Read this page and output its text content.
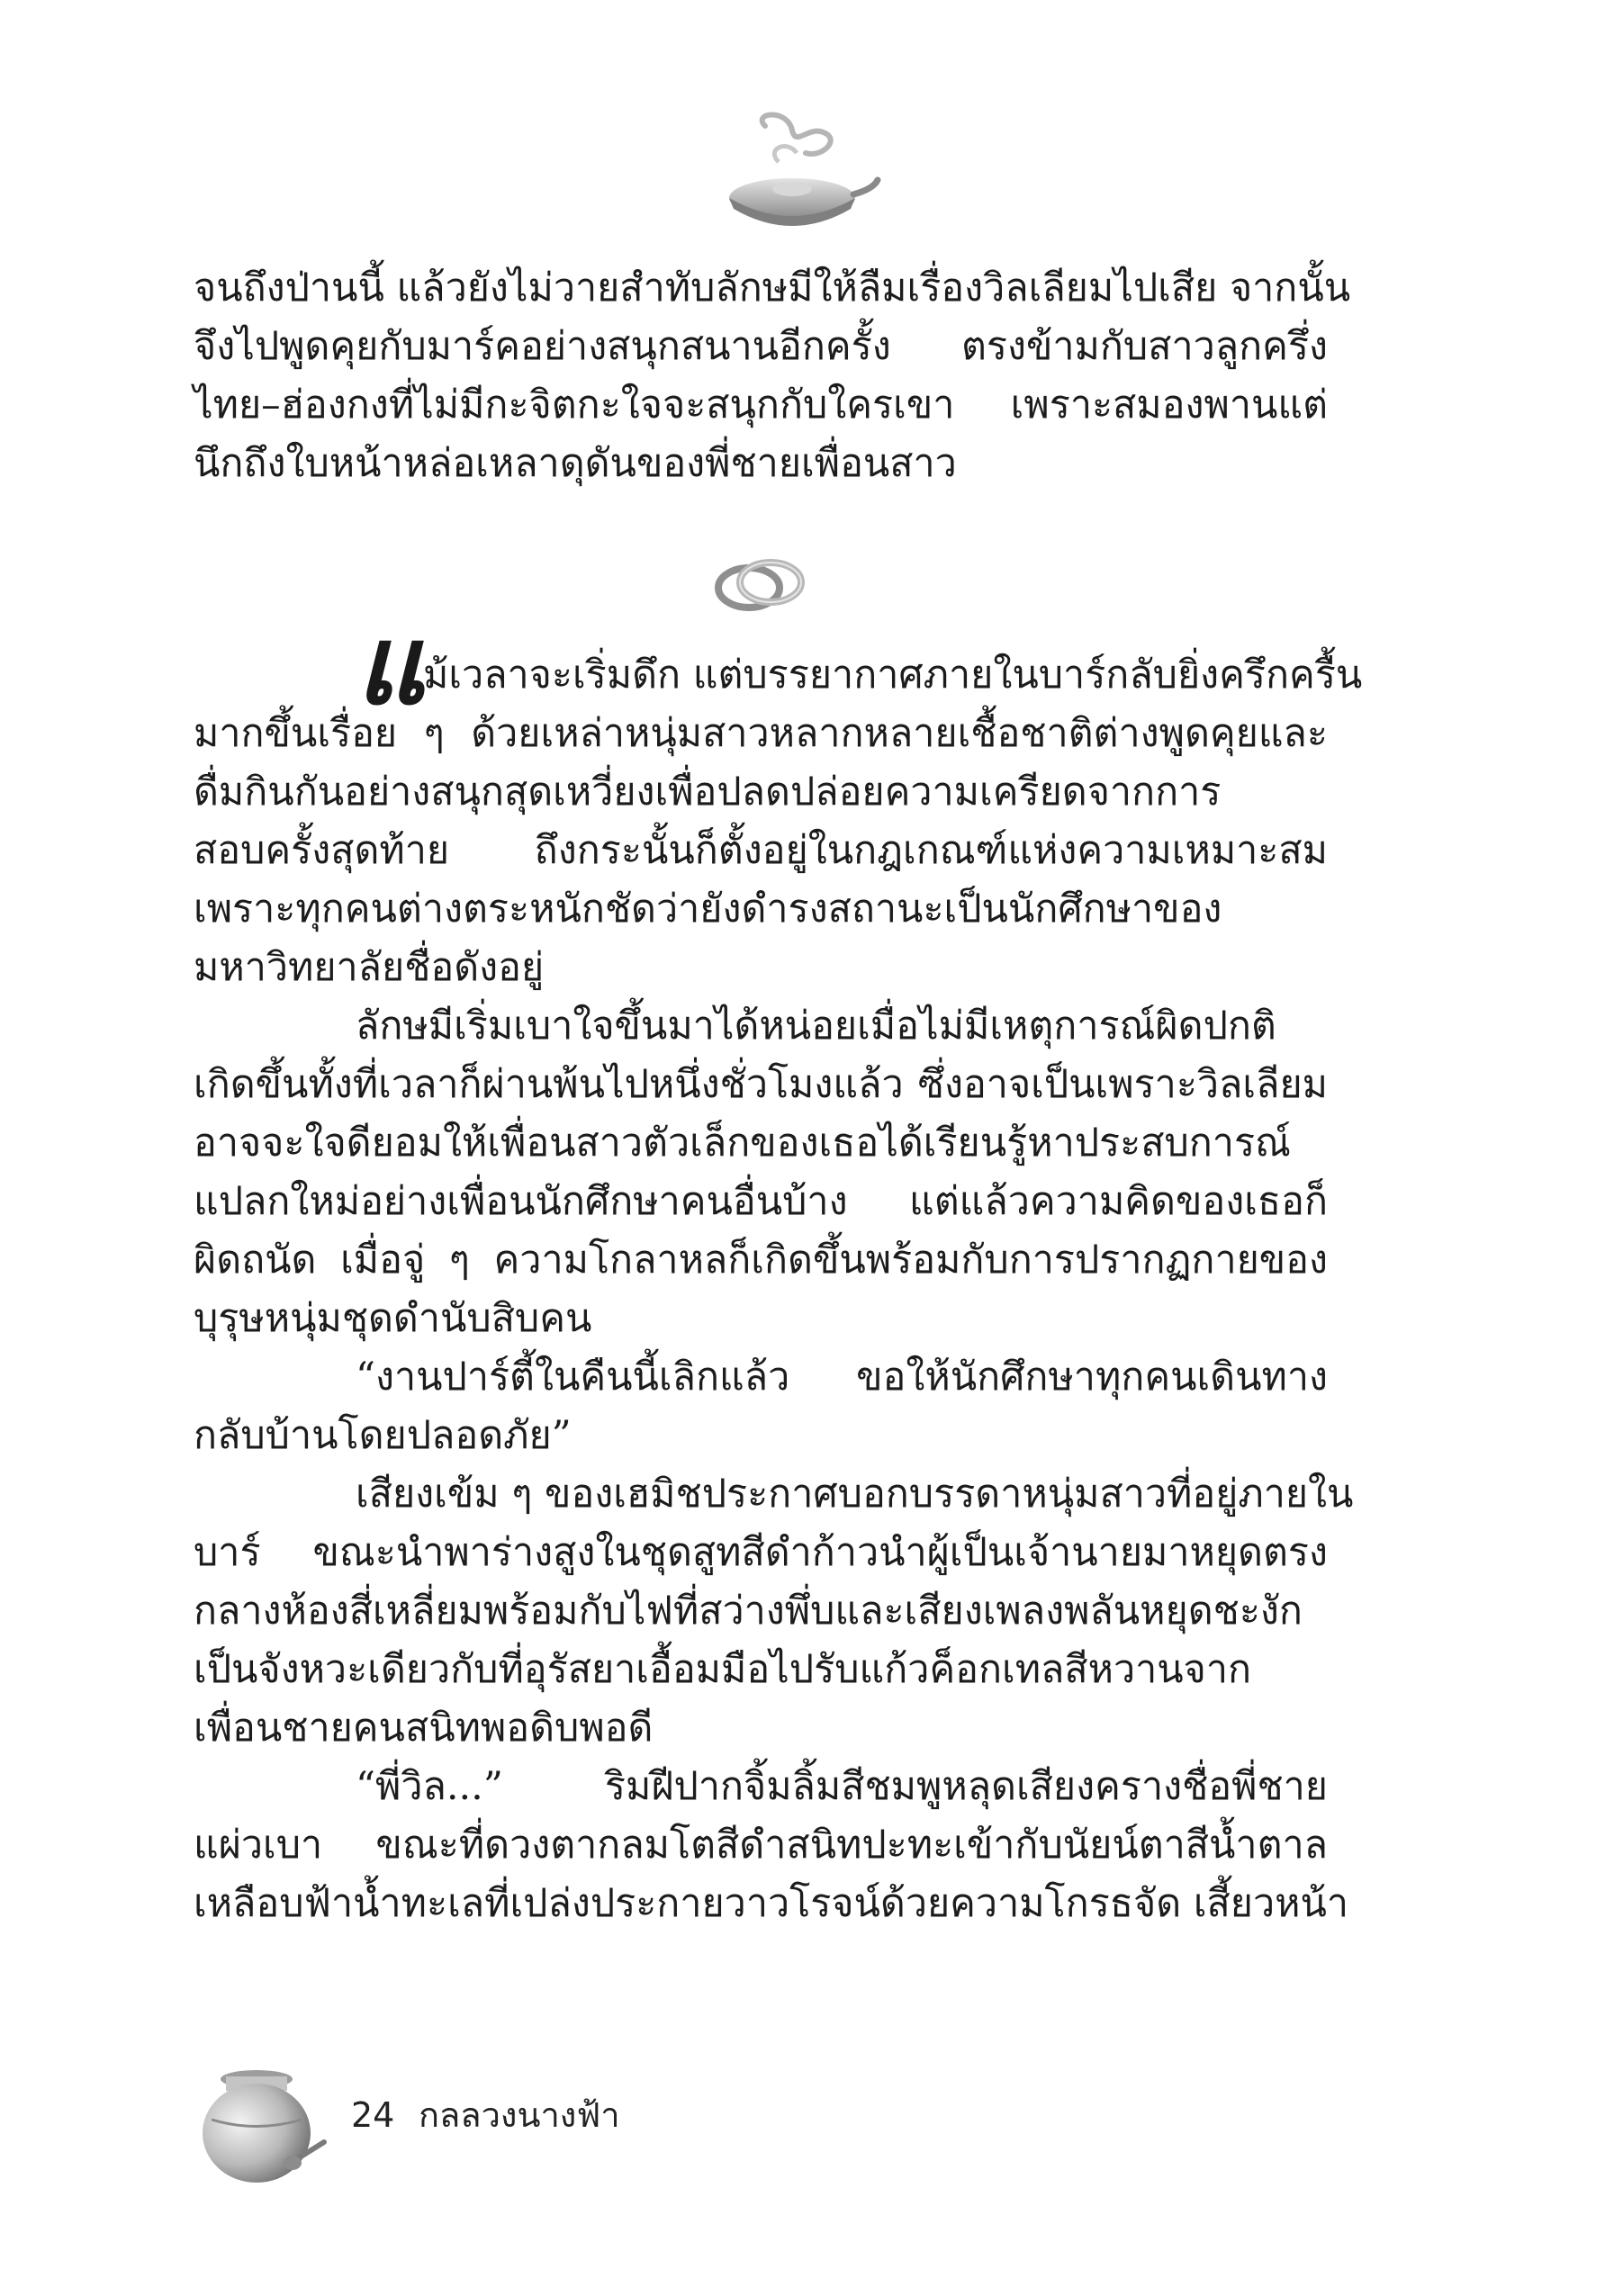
จนถึงป่านนี้ แล้วยังไม่วายสำทับลักษมีให้ลืมเรื่องวิลเลียมไปเสีย จากนั้น
จึงไปพูดคุยกับมาร์คอย่างสนุกสนานอีกครั้ง ตรงข้ามกับสาวลูกครึ่ง
ไทย–ฮ่องกงที่ไม่มีกะจิตกะใจจะสนุกกับใครเขา เพราะสมองพานแต่
นึกถึงใบหน้าหล่อเหลาดุดันของพี่ชายเพื่อนสาว
แ ม้เวลาจะเริ่มดึก แต่บรรยากาศภายในบาร์กลับยิ่งครึกครื้น
มากขึ้นเรื่อย ๆ ด้วยเหล่าหนุ่มสาวหลากหลายเชื้อชาติต่างพูดคุยและ
ดื่มกินกันอย่างสนุกสุดเหวี่ยงเพื่อปลดปล่อยความเครียดจากการ
สอบครั้งสุดท้าย ถึงกระนั้นก็ตั้งอยู่ในกฎเกณฑ์แห่งความเหมาะสม
เพราะทุกคนต่างตระหนักชัดว่ายังดำรงสถานะเป็นนักศึกษาของ
มหาวิทยาลัยชื่อดังอยู่
ลักษมีเริ่มเบาใจขึ้นมาได้หน่อยเมื่อไม่มีเหตุการณ์ผิดปกติ
เกิดขึ้นทั้งที่เวลาก็ผ่านพ้นไปหนึ่งชั่วโมงแล้ว ซึ่งอาจเป็นเพราะวิลเลียม
อาจจะใจดียอมให้เพื่อนสาวตัวเล็กของเธอได้เรียนรู้หาประสบการณ์
แปลกใหม่อย่างเพื่อนนักศึกษาคนอื่นบ้าง แต่แล้วความคิดของเธอก็
ผิดถนัด เมื่อจู่ ๆ ความโกลาหลก็เกิดขึ้นพร้อมกับการปรากฏกายของ
บุรุษหนุ่มชุดดำนับสิบคน
“งานปาร์ตี้ในคืนนี้เลิกแล้ว ขอให้นักศึกษาทุกคนเดินทาง
กลับบ้านโดยปลอดภัย”
เสียงเข้ม ๆ ของเฮมิชประกาศบอกบรรดาหนุ่มสาวที่อยู่ภายใน
บาร์ ขณะนำพาร่างสูงในชุดสูทสีดำก้าวนำผู้เป็นเจ้านายมาหยุดตรง
กลางห้องสี่เหลี่ยมพร้อมกับไฟที่สว่างพึ่บและเสียงเพลงพลันหยุดชะงัก
เป็นจังหวะเดียวกับที่อุรัสยาเอื้อมมือไปรับแก้วค็อกเทลสีหวานจาก
เพื่อนชายคนสนิทพอดิบพอดี
“พี่วิล...” ริมฝีปากจิ้มลิ้มสีชมพูหลุดเสียงครางชื่อพี่ชาย
แผ่วเบา ขณะที่ดวงตากลมโตสีดำสนิทปะทะเข้ากับนัยน์ตาสีน้ำตาล
เหลือบฟ้าน้ำทะเลที่เปล่งประกายวาวโรจน์ด้วยความโกรธจัด เสี้ยวหน้า
24 กลลวงนางฟ้า
